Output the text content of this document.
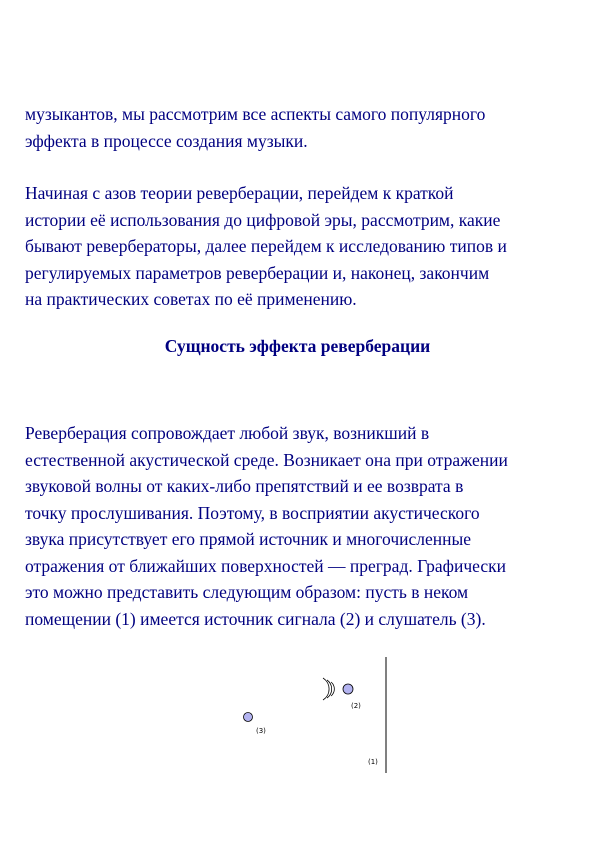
музыкантов, мы рассмотрим все аспекты самого популярного
эффекта в процессе создания музыки.

Начиная с азов теории реверберации, перейдем к краткой
истории её использования до цифровой эры, рассмотрим, какие
бывают ревербераторы, далее перейдем к исследованию типов и
регулируемых параметров реверберации и, наконец, закончим
на практических советах по её применению.

Сущность эффекта реверберации

Реверберация сопровождает любой звук, возникший в
естественной акустической среде. Возникает она при отражении
звуковой волны от каких-либо препятствий и ее возврата в
точку прослушивания. Поэтому, в восприятии акустического
звука присутствует его прямой источник и многочисленные
отражения от ближайших поверхностей — преград. Графически
это можно представить следующим образом: пусть в неком
помещении (1) имеется источник сигнала (2) и слушатель (3).

(2)
(3)
(1)
